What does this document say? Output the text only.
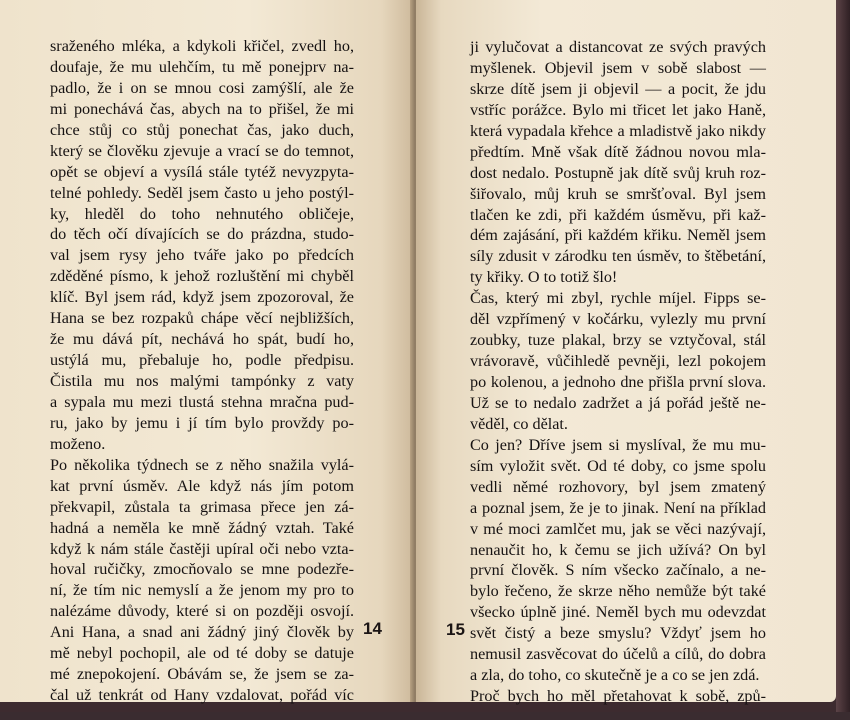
sraženého mléka, a kdykoli křičel, zvedl ho,
doufaje, že mu ulehčím, tu mě ponejprv na-
padlo, že i on se mnou cosi zamýšlí, ale že
mi ponechává čas, abych na to přišel, že mi
chce stůj co stůj ponechat čas, jako duch,
který se člověku zjevuje a vrací se do temnot,
opět se objeví a vysílá stále tytéž nevyzpyta-
telné pohledy. Seděl jsem často u jeho postýl-
ky, hleděl do toho nehnutého obličeje,
do těch očí dívajících se do prázdna, studo-
val jsem rysy jeho tváře jako po předcích
zděděné písmo, k jehož rozluštění mi chyběl
klíč. Byl jsem rád, když jsem zpozoroval, že
Hana se bez rozpaků chápe věcí nejbližších,
že mu dává pít, nechává ho spát, budí ho,
ustýlá mu, přebaluje ho, podle předpisu.
Čistila mu nos malými tampónky z vaty
a sypala mu mezi tlustá stehna mračna pud-
ru, jako by jemu i jí tím bylo provždy po-
moženo.
Po několika týdnech se z něho snažila vylá-
kat první úsměv. Ale když nás jím potom
překvapil, zůstala ta grimasa přece jen zá-
hadná a neměla ke mně žádný vztah. Také
když k nám stále častěji upíral oči nebo vzta-
hoval ručičky, zmocňovalo se mne podezře-
ní, že tím nic nemyslí a že jenom my pro to
nalézáme důvody, které si on později osvojí.
Ani Hana, a snad ani žádný jiný člověk by
mě nebyl pochopil, ale od té doby se datuje
mé znepokojení. Obávám se, že jsem se za-
čal už tenkrát od Hany vzdalovat, pořád víc
14
ji vylučovat a distancovat ze svých pravých
myšlenek. Objevil jsem v sobě slabost —
skrze dítě jsem ji objevil — a pocit, že jdu
vstříc porážce. Bylo mi třicet let jako Haně,
která vypadala křehce a mladistvě jako nikdy
předtím. Mně však dítě žádnou novou mla-
dost nedalo. Postupně jak dítě svůj kruh roz-
šiřovalo, můj kruh se smršťoval. Byl jsem
tlačen ke zdi, při každém úsměvu, při kaž-
dém zajásání, při každém křiku. Neměl jsem
síly zdusit v zárodku ten úsměv, to štěbetání,
ty křiky. O to totiž šlo!
Čas, který mi zbyl, rychle míjel. Fipps se-
děl vzpřímený v kočárku, vylezly mu první
zoubky, tuze plakal, brzy se vztyčoval, stál
vrávoravě, vůčihledě pevněji, lezl pokojem
po kolenou, a jednoho dne přišla první slova.
Už se to nedalo zadržet a já pořád ještě ne-
věděl, co dělat.
Co jen? Dříve jsem si myslíval, že mu mu-
sím vyložit svět. Od té doby, co jsme spolu
vedli němé rozhovory, byl jsem zmatený
a poznal jsem, že je to jinak. Není na příklad
v mé moci zamlčet mu, jak se věci nazývají,
nenaučit ho, k čemu se jich užívá? On byl
první člověk. S ním všecko začínalo, a ne-
bylo řečeno, že skrze něho nemůže být také
všecko úplně jiné. Neměl bych mu odevzdat
svět čistý a beze smyslu? Vždyť jsem ho
nemusil zasvěcovat do účelů a cílů, do dobra
a zla, do toho, co skutečně je a co se jen zdá.
Proč bych ho měl přetahovat k sobě, způ-
15
